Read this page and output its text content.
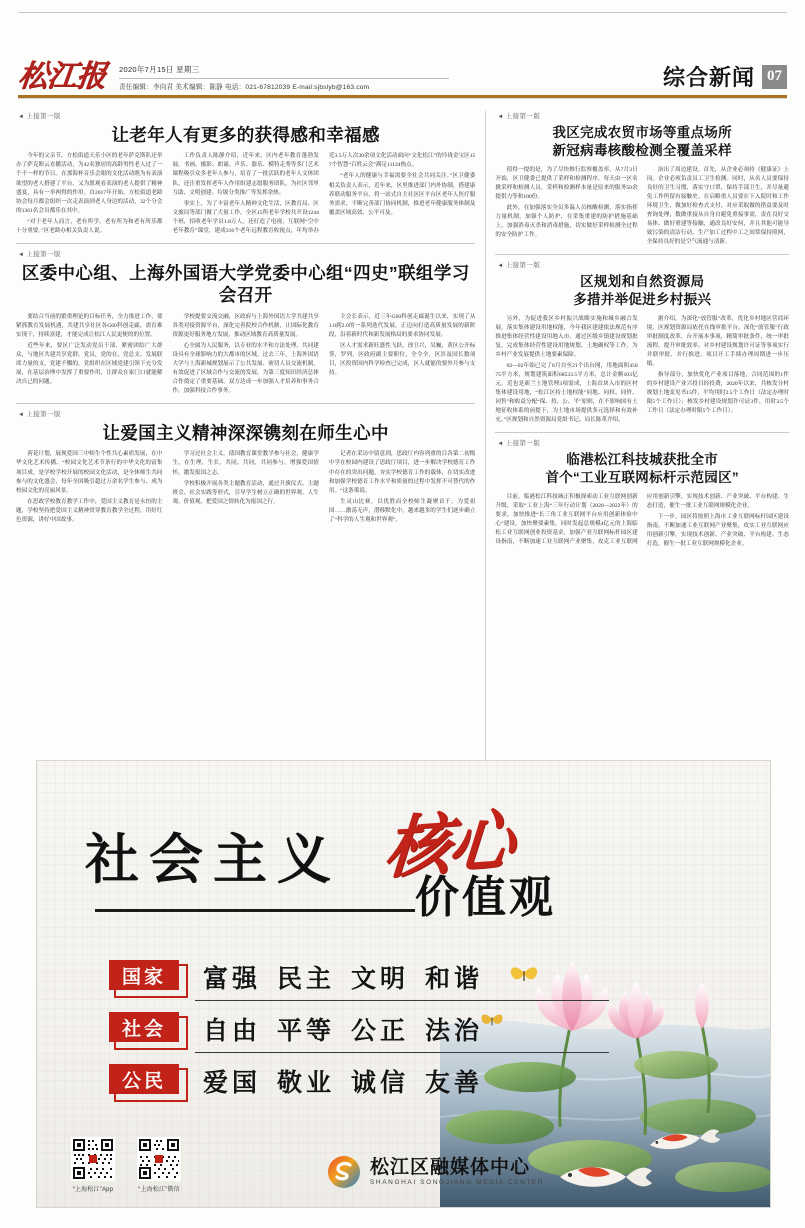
松江报 2020年7月15日 星期三
责任编辑：李向君 美术编辑：陈静 电话：021-67812039 E-mail:sjbslyb@163.com	综合新闻 07
◄ 上接第一版
让老年人有更多的获得感和幸福感

今年的父亲节，方松街道天乐小区的老年萨克斯队还举办了萨克斯云直播活动，为42名独居的高龄男性老人过了一个不一样的节日。在那海杯音乐会眼的文化活动既为有表演欲望的老人搭建了平台，又为愿观看表演的老人提供了精神盛宴，具有一举两得的作用。自2017年开始，方松街道老龄协会每月都会组织一次走表演到老人身边的活动，32个分会的1361名会员都乐在其中。

“对于老年人而言，老有所学、老有所为和老有所乐都十分重要。”区老龄办相关负责人说。

工作负责人陈静介绍，近年来，区内老年教育蓬勃发展，书画、摄影、朗诵、声乐、器乐、模特走秀等多门艺术课程吸引众多老年人参与，培育了一批活跃的老年人文体团队，还注重发挥老年人作用组建志愿服务团队，为社区邻里互助、文明创建、垃圾分类推广等发挥余热。

事实上，为了丰富老年人精神文化生活，区教育局、区文旅局等部门做了大量工作。全区15所老年学校共开设1244个班，招收老年学员1.8万人，还打造了电视、互联网“空中老年教育”课堂，建成316个老年远程教育收视点，年均举办近3.5万人次30余项文化活动面向“文化松江”的玲珑金宝区157个智慧“百姓云会”满足11124热点。

“老年人的健康与幸福需要全社会共同关注。”区卫健委相关负责人表示，近年来，区里推进部门内外协制，搭建康养联动服务平台，将一站式自主社区区平台区老年人医疗服务需求，不断完善部门协同机制，推进老年健康服务体制及覆盖区域高效、公平可及。

◄ 上接第一版
区委中心组、上海外国语大学党委中心组“四史”联组学习会召开

要结合当前的繁重理论的目标任务，全力推进工作，要紧抓教育发展机遇，共建共享社区各G60科创走廊，需育难实现干，持续富建，才能完成让松江人民更便的的位置。

近些年来，要区广泛发动党员干部，紧密团结广大群众，与地区共建共享党群，党员，党的在，党总支、发展联席力量的支，党建不懈的，党组织在区域党建引领下充分发展，在基层治理中发挥了重要作用，让群众在家门口就能解决自己的问题。

学校提要交流交融，区政府与上海外国语大学共建共享各类对接资源平台，深化完善院校合作机制，让国际化教育资源更好服务地方发展，推动区域教育高质量发展。

心全属为人民服务，以专业的水平和方法处理，共同建设具有全球影响力的大都市的区域。过去三年，上海外国语大学与上海新城规划展示了公共发展、密切人员交流机制，有效促进了区域合作与交流的发展，为第三度知识经济总体合作奠定了重要基础，双方达成一步加强人才培养和事务合作，加强科技合作事务。

主会长表示，近三年G60科创走廊诞生以来，实现了从1.0到2.0的一系列迭代发展，正迈向打造高质量发展的新阶段，沿着新时代和新发展格局的要求协同发展。

区人才需求新旺盛性飞跃，徐卫兴，吴巍，黄区公开标签，罗列，区政府副主要职位，全令全，区涉及国长数项目，区投资国内科学检查已完成，区人就能的要外月参与支持。

◄ 上接第一版
让爱国主义精神深深镌刻在师生心中

荷花计划，展现爱国三中师生个性共心素质发展，在中华文化艺术传播、“校园文化艺术节条行的中华文化的富集项目成，是学校学校开展的校园文化活动，是全体师生共同参与的文化盛会，每年全国吸引超过万余名学生参与、成为校园文化的亮丽风景。

在思政学校教育教学工作中，爱国主义教育是永恒的主题，学校坚持把爱国主义精神贯穿教育教学全过程，用好红色资源，讲好中国故事。

学习过社会主义，债国教育课堂教学参与社会，健康学生，在生理，生长，共同，共同，共同参与，增强爱国情怀，激发报国之志。

学校积极开展各类主题教育活动，通过升旗仪式、主题班会、社会实践等形式，引导学生树立正确的世界观、人生观、价值观，把爱国之情转化为报国之行。

记者在采访中留意到，思政厅内容列重的目各第二初级中学在校园内建设了思政厅项目，进一步解决学校德育工作中存在的突出问题，夯实学校德育工作的载体，在切实改进和加强学校德育工作水平和质量的过程中发挥不可替代的作用。“这条策说。

生灵山比赛，以优胜而全校师生凝聚首千。为爱祖国……激荡无声，潜移默化中，越来越多的学生们逐步确立了“科学的人生观和世界观”。

◄ 上接第一版
我区完成农贸市场等重点场所
新冠病毒核酸检测全覆盖采样

值得一提的是，为了尽快推行监察覆盖率，从7月3日开始，区卫健委已提供了采样和检测程序，每天由一区名掀采样和检测人员，采样和检测样本量是原来的服务50余提供力等和100份。

此外，在加强落实全员多温人员核酸检测，落实指挥力量机制，加强个人防护，在采集重建的防护措施基础上，加强消毒灭杀和消毒措施，切实做好采样检测全过程的安全防护工作。

治出了周边建设。首先，从企业必须持《健康证》上岗。企业必须负责员工卫生检测。同时，从名人员要保持良好的卫生习惯，落实守口罩，保持手部卫生，并尽量避免工作所留有接触史。在启略重人员要在下入院时和工作环境卫生，做加好检查式支付，对应采取做的措益要及时查询处理，数做重接从自身自避免重接事需，责在良好交易体、做好重建等接触，通改良好安何，并且其他可能导致污染的清洁行动，生产加工过程中工之间常保持照网，全保持良好的是空气流通与清新。

◄ 上接第一版
区规划和自然资源局
多措并举促进乡村振兴

另外，为促进我区乡村振兴战略实施和城乡融合发展，落实集体建设用地权能，今年我区建建依法规范有序推进集体经营性建设用地入市。通过区级乡镇建设规划批复，完成集体经营性建设用地规划、土地确权等工作，为乡村产业发展提供土地要素保障。

02—02年始已完了8月自至21个出台网，用地面积45075平方米，规划建筑面积68533.5平方米，总计金额103亿元。近也是新兰土地管理3项需成，上海首块入市的区村集体建设用地，“松江区持土地权能”同地、同权、同价、同售”和收益分配“保、持、公、平”原则，在不影响国有土地征收体系的前提下，为土地市场提供多元选择和有效补充。”区规划和自然资源局党组书记、局长陈革介绍。

据介绍，为深化“放管服”改革，优化乡村地区营商环境，区规划资源局依托在线审批平台，深化“放管服”行政审批制度改革，台开展本事项，精简审批条件，统一审批流程，提升审批效率，对乡村建设规划许可证等事项实行并联审批、并行推进，项目开工手续办理周期进一步压缩。

指导部分，加快优化产业项目落地，合同范围的1件的乡村建设产业兴投目经投费，2020年以来，共核发分村规划土地变见书15件，平均用时2.5个工作日（法定办理时限5个工作日）；核发乡村建设规划许可证3件，用时3.5个工作日（法定办理时限5个工作日）。

◄ 上接第一版
临港松江科技城获批全市
首个“工业互联网标杆示范园区”

目前，临港松江科技城正积极探索动工业互联网创新升级，采取“工业上海“三年行动计划（2020—2022年）的要求，加快推进“长三角工业互联网平台应用创新体验中心”建设，加快聚要素集，同时发起总规模4亿元的上海临松工业互联网创业投资基金，加强产业互联网标杆园区建设指南，不断加速工业互联网产业聚集，攻克工业互联网应用创新引擎，实现技术创新、产业突破、平台构建、生态打造，催生一批工业互联网规模化企业。

下一步，园区将按照上海市工业互联网标杆园区建设指南，不断加速工业互联网产业聚集，攻实工业互联网应用创新引擎，实现技术创新、产业突破、平台构建、生态打造，催生一批工业互联网规模化企业。

社会主义 核心
价值观
国家	富强 民主 文明 和谐
社会	自由 平等 公正 法治
公民	爱国 敬业 诚信 友善
“上海松江”App	“上海松江”微信
松江区融媒体中心
SHANGHAI SONGJIANG MEDIA CENTER
